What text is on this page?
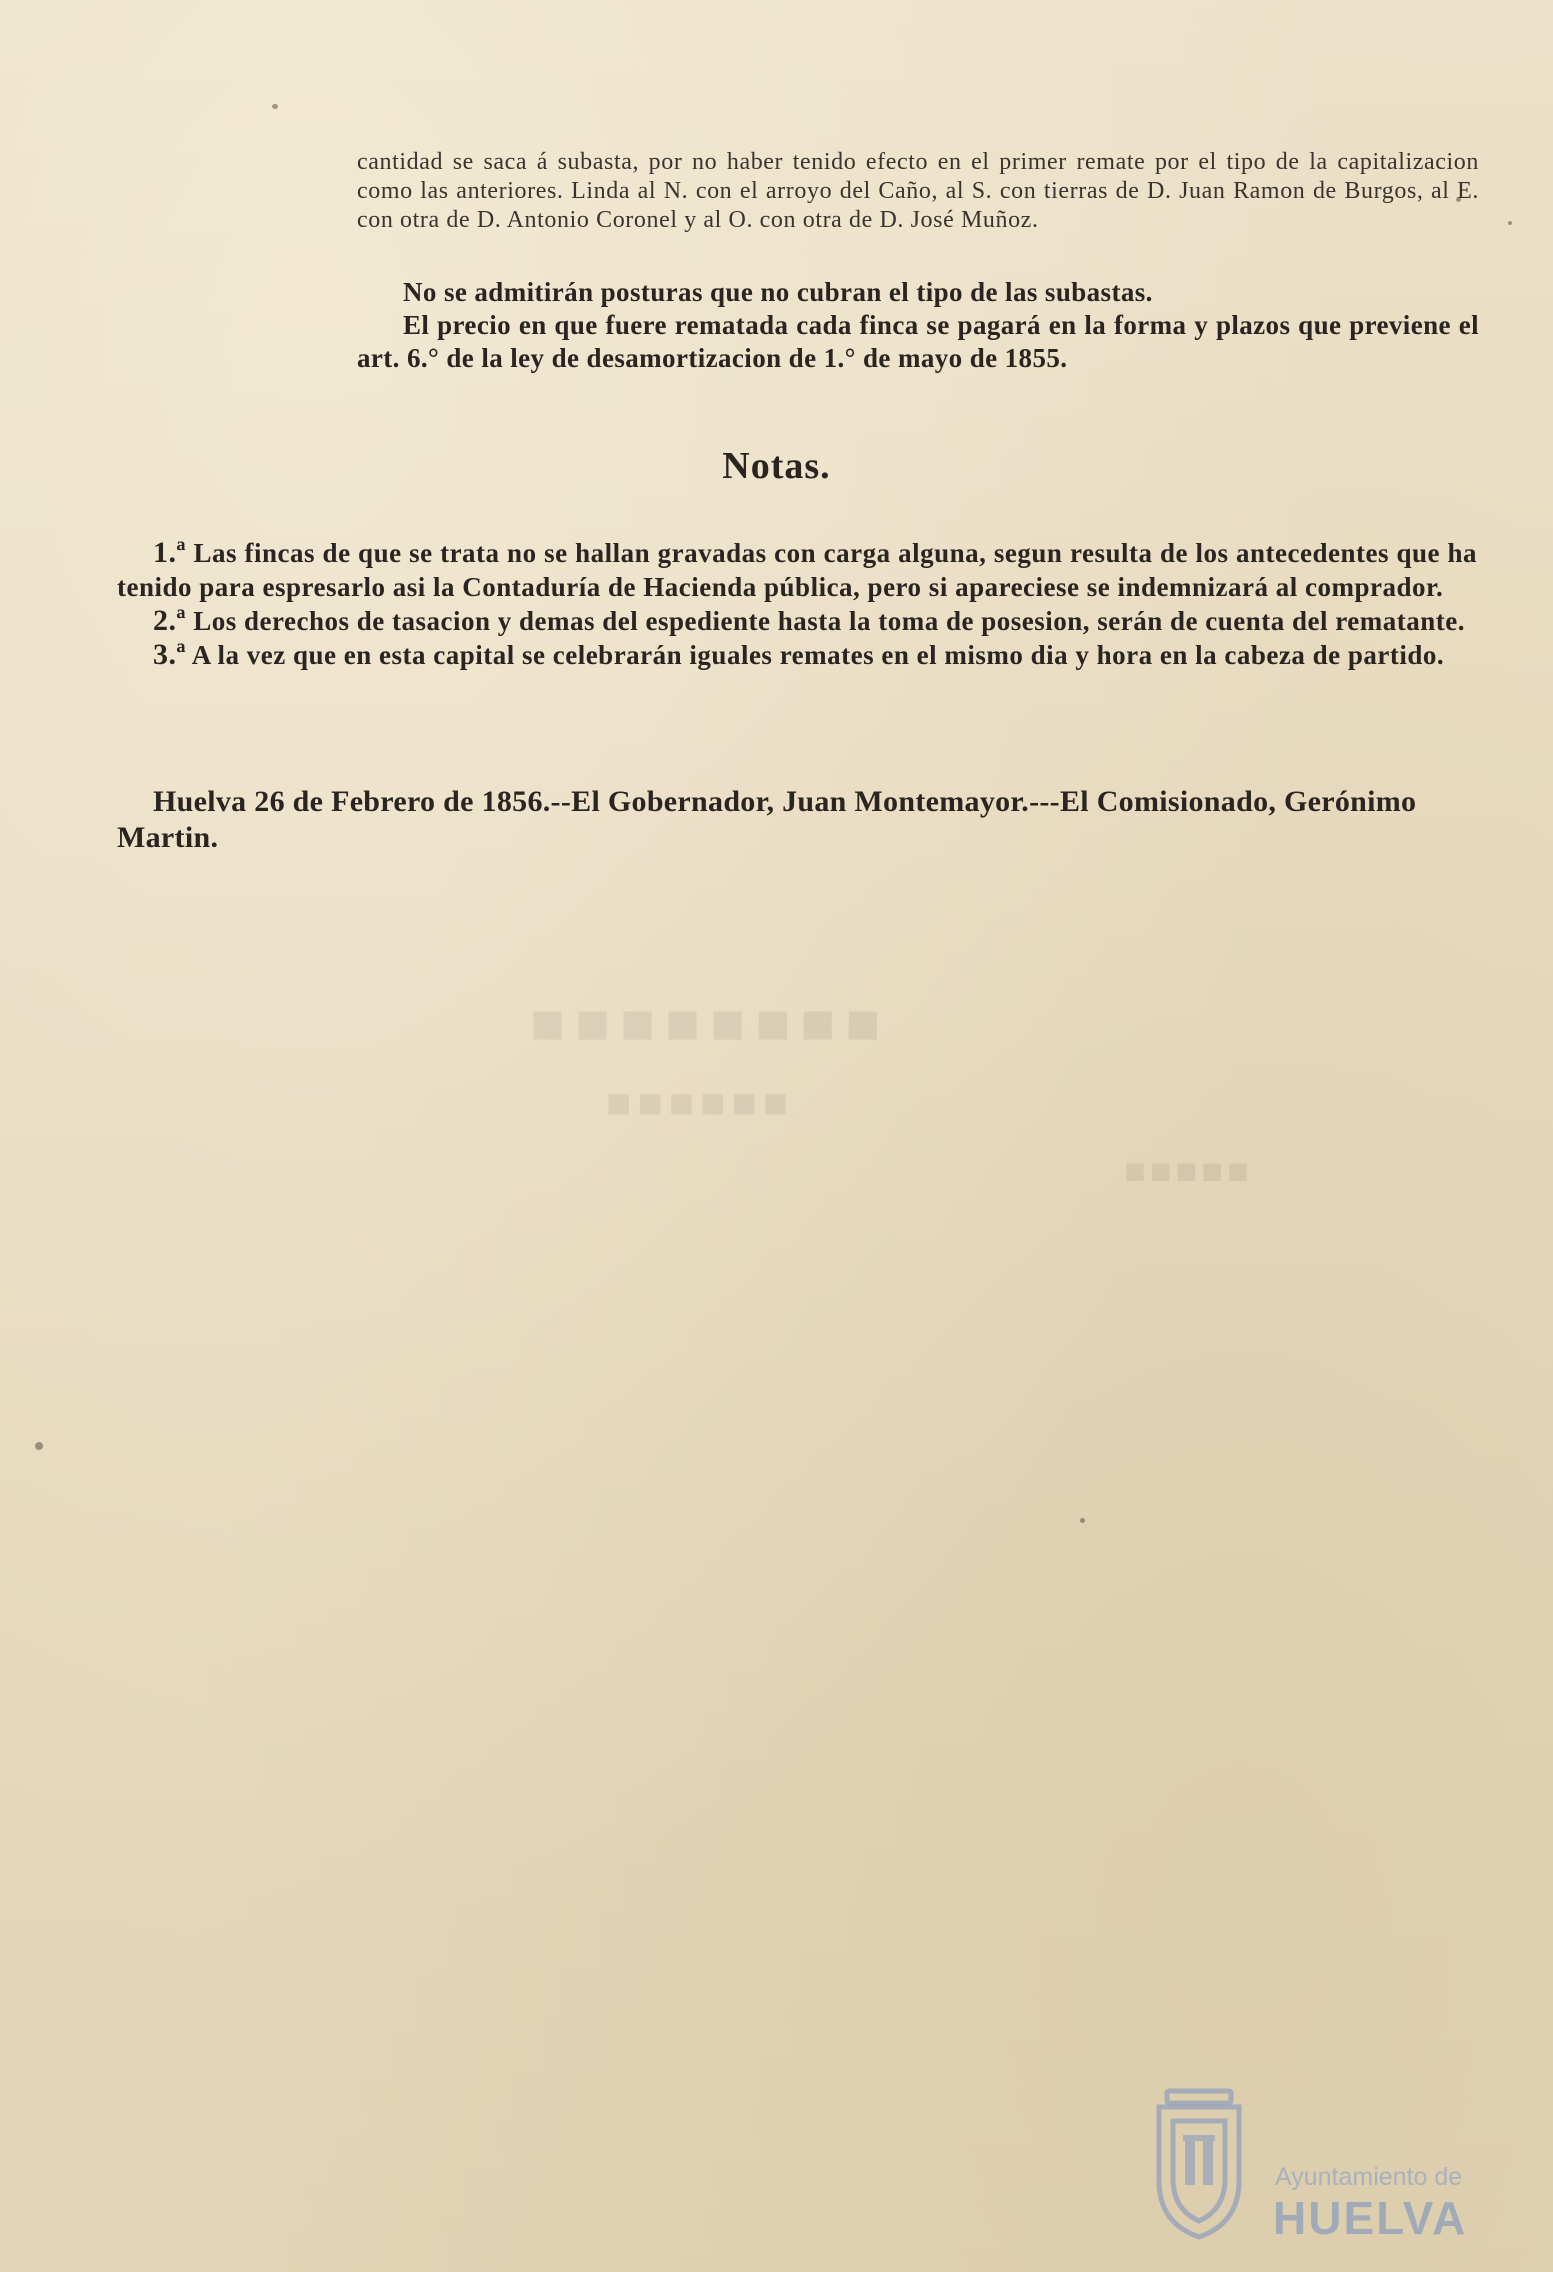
■■■■■■■■
■■■■■■
■■■■■

cantidad se saca á subasta, por no haber tenido efecto en el primer remate por el tipo de la capitalizacion como las anteriores. Linda al N. con el arroyo del Caño, al S. con tierras de D. Juan Ramon de Burgos, al E. con otra de D. Antonio Coronel y al O. con otra de D. José Muñoz.

No se admitirán posturas que no cubran el tipo de las subastas.

El precio en que fuere rematada cada finca se pagará en la forma y plazos que previene el art. 6.° de la ley de desamortizacion de 1.° de mayo de 1855.

Notas.

1.ª Las fincas de que se trata no se hallan gravadas con carga alguna, segun resulta de los antecedentes que ha tenido para espresarlo asi la Contaduría de Hacienda pública, pero si apareciese se indemnizará al comprador.

2.ª Los derechos de tasacion y demas del espediente hasta la toma de posesion, serán de cuenta del rematante.

3.ª A la vez que en esta capital se celebrarán iguales remates en el mismo dia y hora en la cabeza de partido.

Huelva 26 de Febrero de 1856.--El Gobernador, Juan Montemayor.---El Comisionado, Gerónimo Martin.

Ayuntamiento de
HUELVA
